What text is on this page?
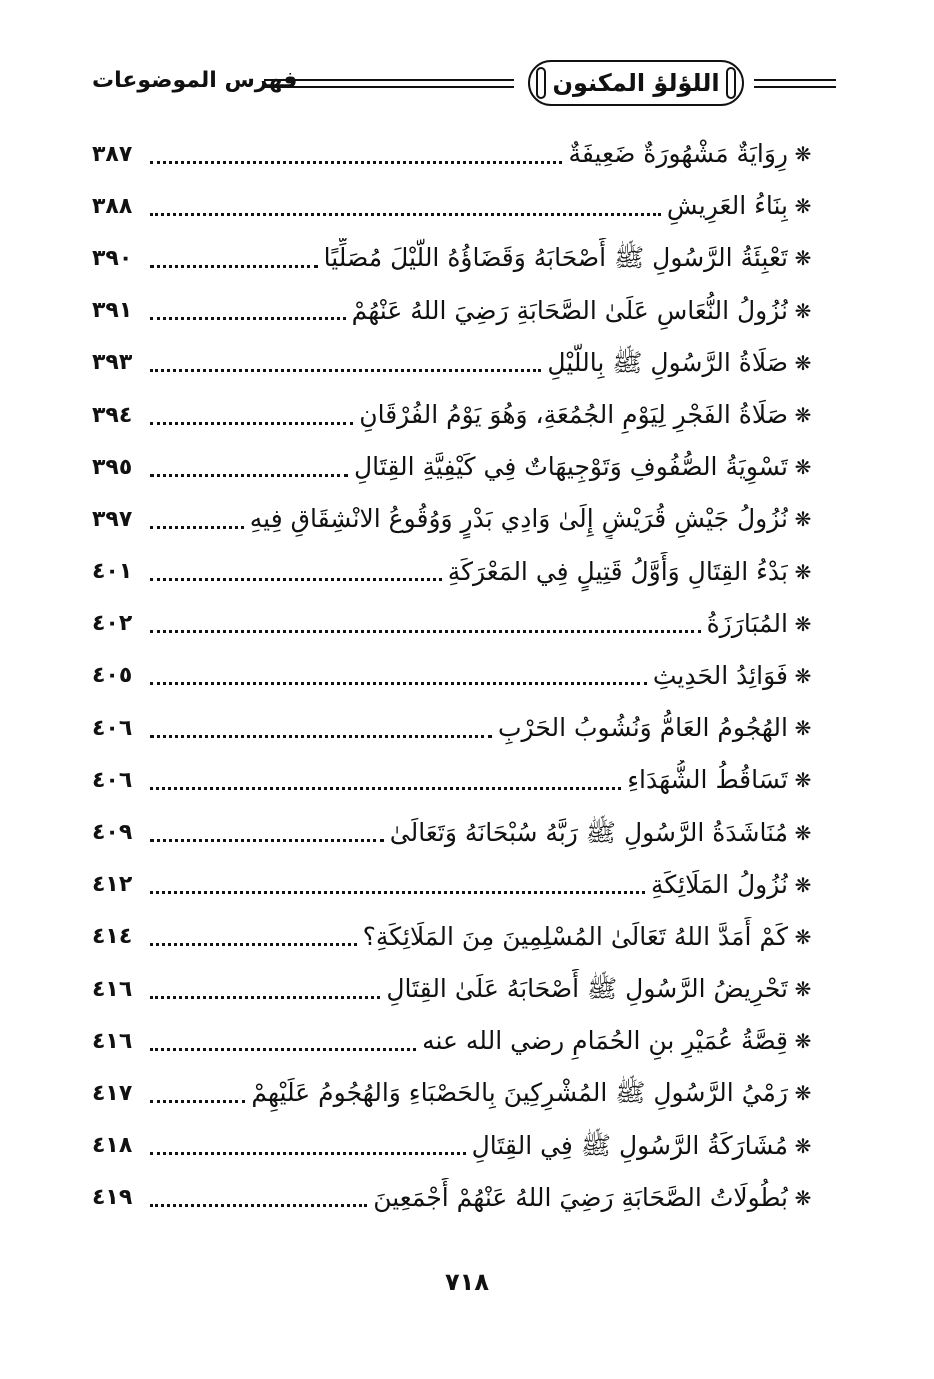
اللؤلؤ المكنون
فهرس الموضوعات
❋
رِوَايَةٌ مَشْهُورَةٌ ضَعِيفَةٌ
٣٨٧
❋
بِنَاءُ العَرِيشِ
٣٨٨
❋
تَعْبِئَةُ الرَّسُولِ ﷺ أَصْحَابَهُ وَقَضَاؤُهُ اللَّيْلَ مُصَلِّيًا
٣٩٠
❋
نُزُولُ النُّعَاسِ عَلَىٰ الصَّحَابَةِ رَضِيَ اللهُ عَنْهُمْ
٣٩١
❋
صَلَاةُ الرَّسُولِ ﷺ بِاللَّيْلِ
٣٩٣
❋
صَلَاةُ الفَجْرِ لِيَوْمِ الجُمُعَةِ، وَهُوَ يَوْمُ الفُرْقَانِ
٣٩٤
❋
تَسْوِيَةُ الصُّفُوفِ وَتَوْجِيهَاتٌ فِي كَيْفِيَّةِ القِتَالِ
٣٩٥
❋
نُزُولُ جَيْشِ قُرَيْشٍ إِلَىٰ وَادِي بَدْرٍ وَوُقُوعُ الانْشِقَاقِ فِيهِ
٣٩٧
❋
بَدْءُ القِتَالِ وَأَوَّلُ قَتِيلٍ فِي المَعْرَكَةِ
٤٠١
❋
المُبَارَزَةُ
٤٠٢
❋
فَوَائِدُ الحَدِيثِ
٤٠٥
❋
الهُجُومُ العَامُّ وَنُشُوبُ الحَرْبِ
٤٠٦
❋
تَسَاقُطُ الشُّهَدَاءِ
٤٠٦
❋
مُنَاشَدَةُ الرَّسُولِ ﷺ رَبَّهُ سُبْحَانَهُ وَتَعَالَىٰ
٤٠٩
❋
نُزُولُ المَلَائِكَةِ
٤١٢
❋
كَمْ أَمَدَّ اللهُ تَعَالَىٰ المُسْلِمِينَ مِنَ المَلَائِكَةِ؟
٤١٤
❋
تَحْرِيضُ الرَّسُولِ ﷺ أَصْحَابَهُ عَلَىٰ القِتَالِ
٤١٦
❋
قِصَّةُ عُمَيْرِ بنِ الحُمَامِ رضي الله عنه
٤١٦
❋
رَمْيُ الرَّسُولِ ﷺ المُشْرِكِينَ بِالحَصْبَاءِ وَالهُجُومُ عَلَيْهِمْ
٤١٧
❋
مُشَارَكَةُ الرَّسُولِ ﷺ فِي القِتَالِ
٤١٨
❋
بُطُولَاتُ الصَّحَابَةِ رَضِيَ اللهُ عَنْهُمْ أَجْمَعِينَ
٤١٩
٧١٨
